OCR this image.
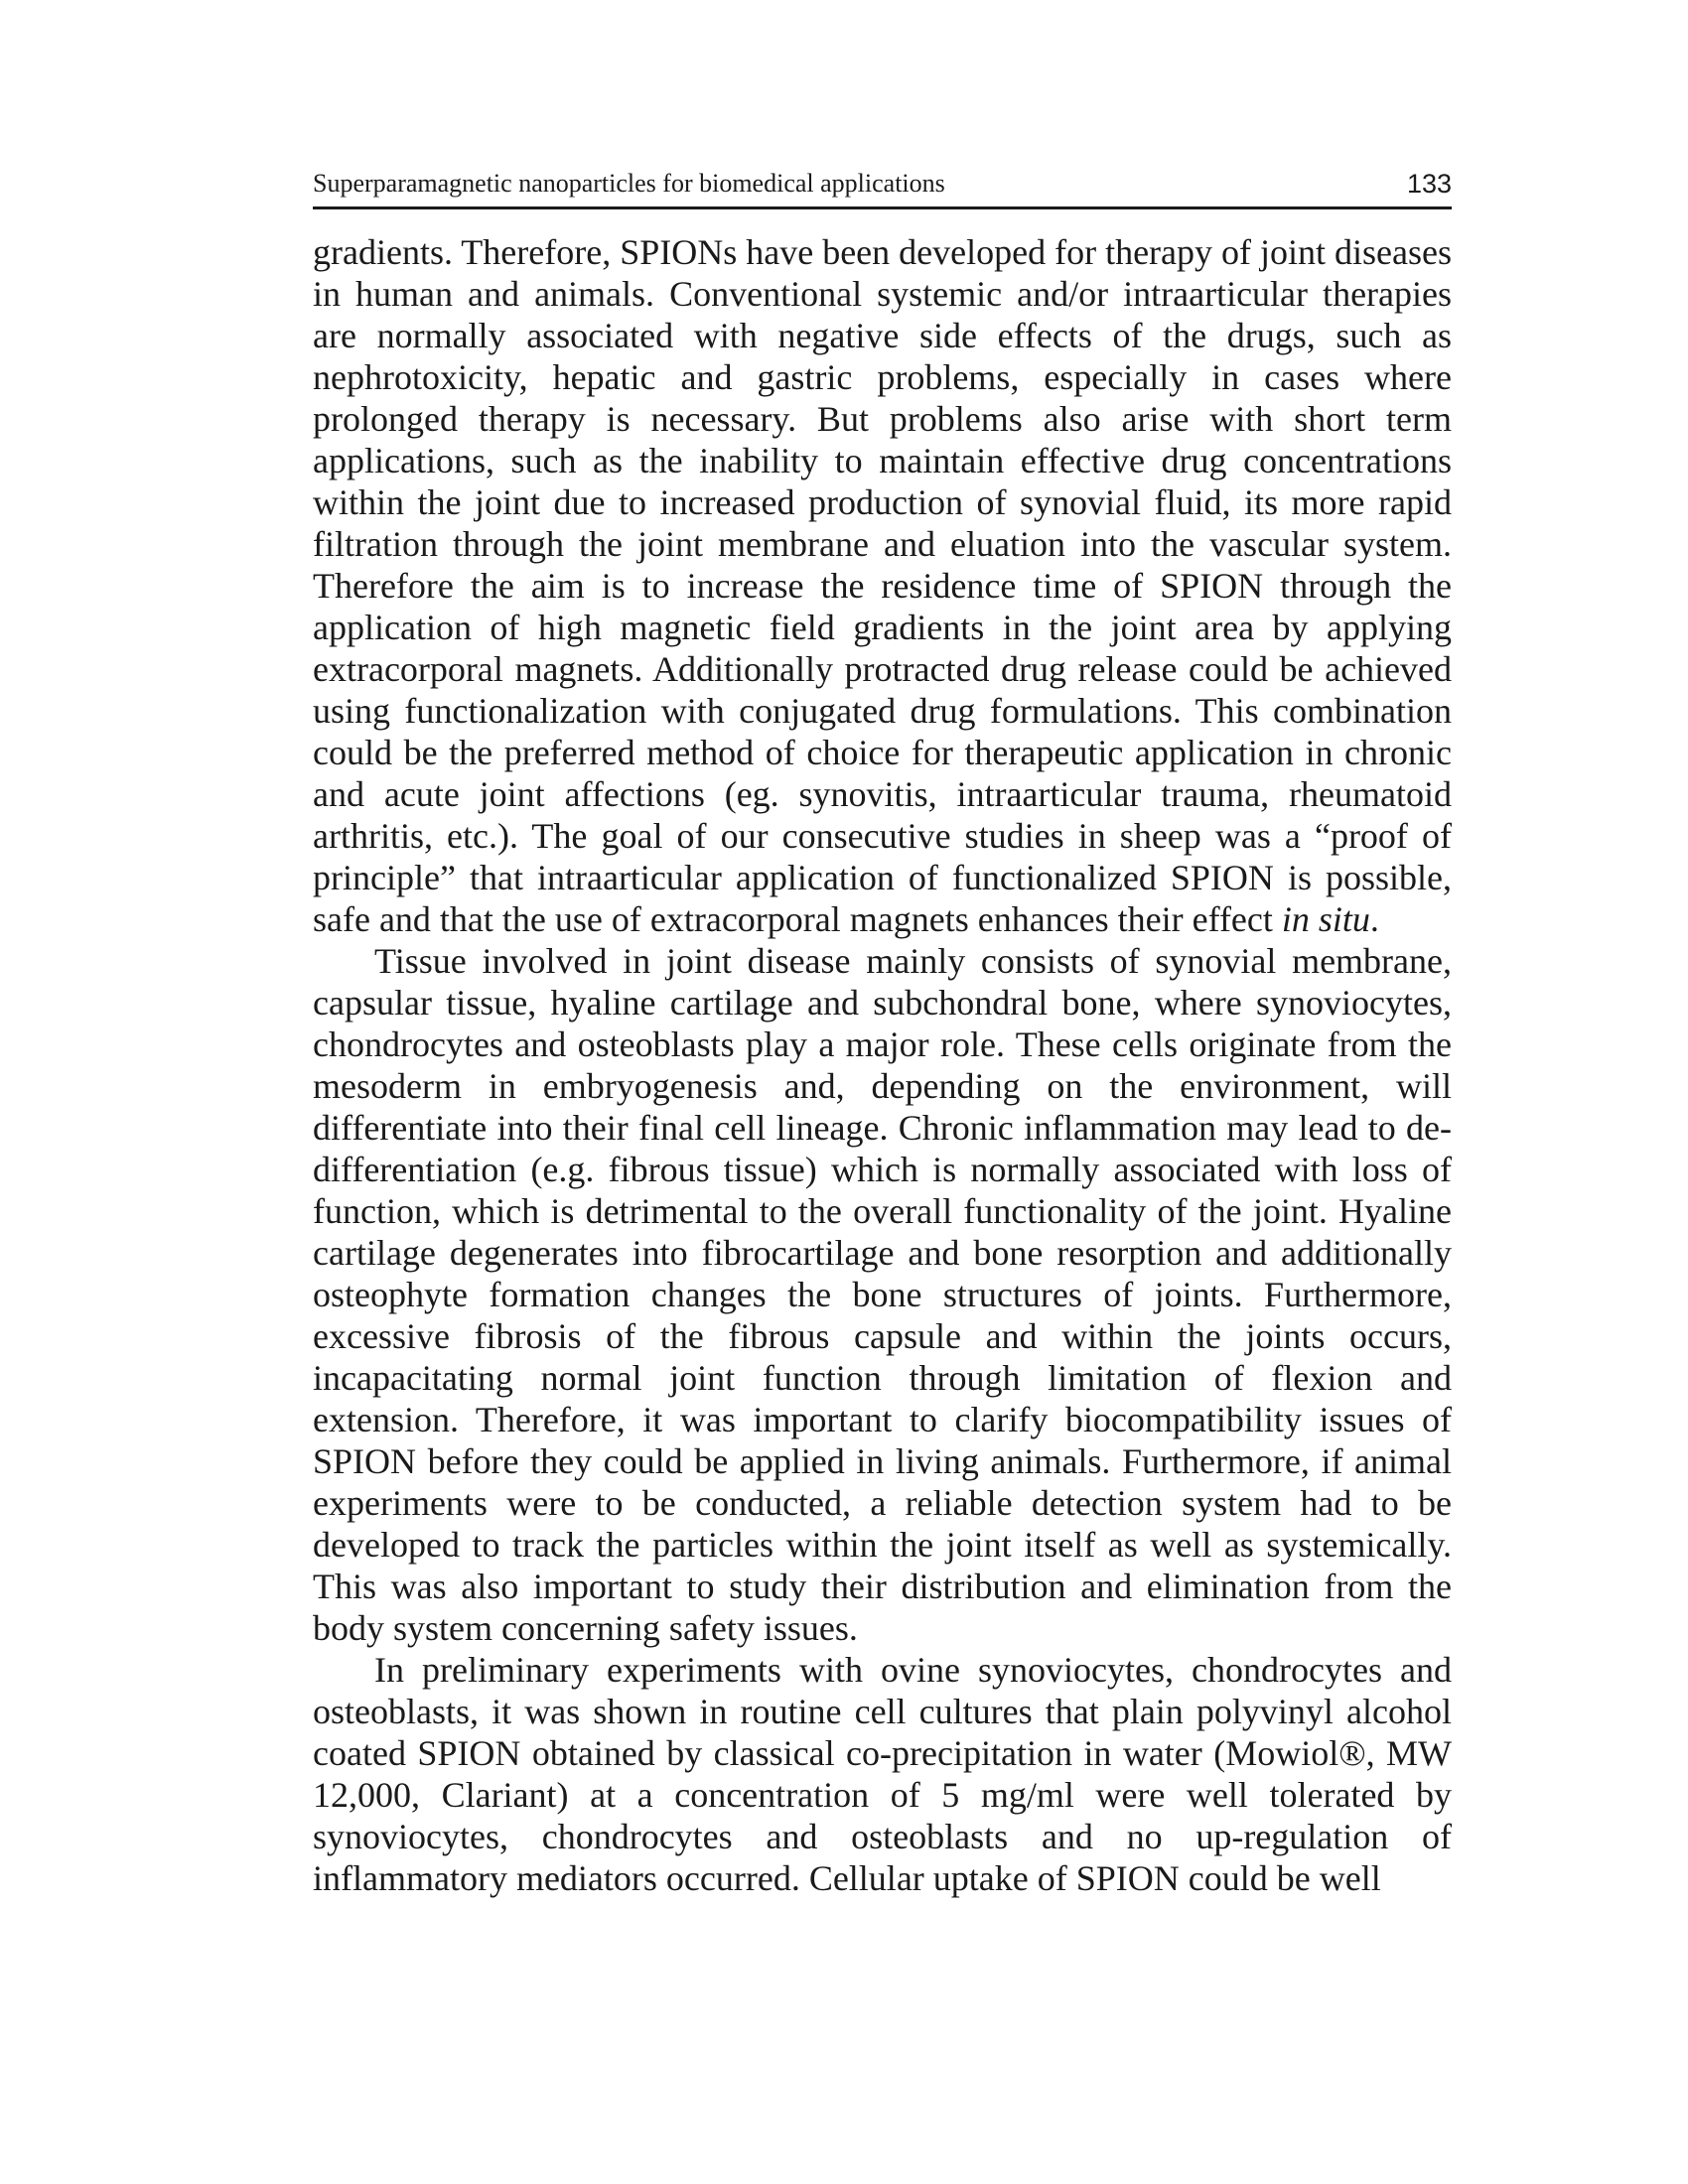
Superparamagnetic nanoparticles for biomedical applications	133

gradients. Therefore, SPIONs have been developed for therapy of joint diseases in human and animals. Conventional systemic and/or intraarticular therapies are normally associated with negative side effects of the drugs, such as nephrotoxicity, hepatic and gastric problems, especially in cases where prolonged therapy is necessary. But problems also arise with short term applications, such as the inability to maintain effective drug concentrations within the joint due to increased production of synovial fluid, its more rapid filtration through the joint membrane and eluation into the vascular system. Therefore the aim is to increase the residence time of SPION through the application of high magnetic field gradients in the joint area by applying extracorporal magnets. Additionally protracted drug release could be achieved using functionalization with conjugated drug formulations. This combination could be the preferred method of choice for therapeutic application in chronic and acute joint affections (eg. synovitis, intraarticular trauma, rheumatoid arthritis, etc.). The goal of our consecutive studies in sheep was a “proof of principle” that intraarticular application of functionalized SPION is possible, safe and that the use of extracorporal magnets enhances their effect in situ.

Tissue involved in joint disease mainly consists of synovial membrane, capsular tissue, hyaline cartilage and subchondral bone, where synoviocytes, chondrocytes and osteoblasts play a major role. These cells originate from the mesoderm in embryogenesis and, depending on the environment, will differentiate into their final cell lineage. Chronic inflammation may lead to de-differentiation (e.g. fibrous tissue) which is normally associated with loss of function, which is detrimental to the overall functionality of the joint. Hyaline cartilage degenerates into fibrocartilage and bone resorption and additionally osteophyte formation changes the bone structures of joints. Furthermore, excessive fibrosis of the fibrous capsule and within the joints occurs, incapacitating normal joint function through limitation of flexion and extension. Therefore, it was important to clarify biocompatibility issues of SPION before they could be applied in living animals. Furthermore, if animal experiments were to be conducted, a reliable detection system had to be developed to track the particles within the joint itself as well as systemically. This was also important to study their distribution and elimination from the body system concerning safety issues.

In preliminary experiments with ovine synoviocytes, chondrocytes and osteoblasts, it was shown in routine cell cultures that plain polyvinyl alcohol coated SPION obtained by classical co-precipitation in water (Mowiol®, MW 12,000, Clariant) at a concentration of 5 mg/ml were well tolerated by synoviocytes, chondrocytes and osteoblasts and no up-regulation of inflammatory mediators occurred. Cellular uptake of SPION could be well
